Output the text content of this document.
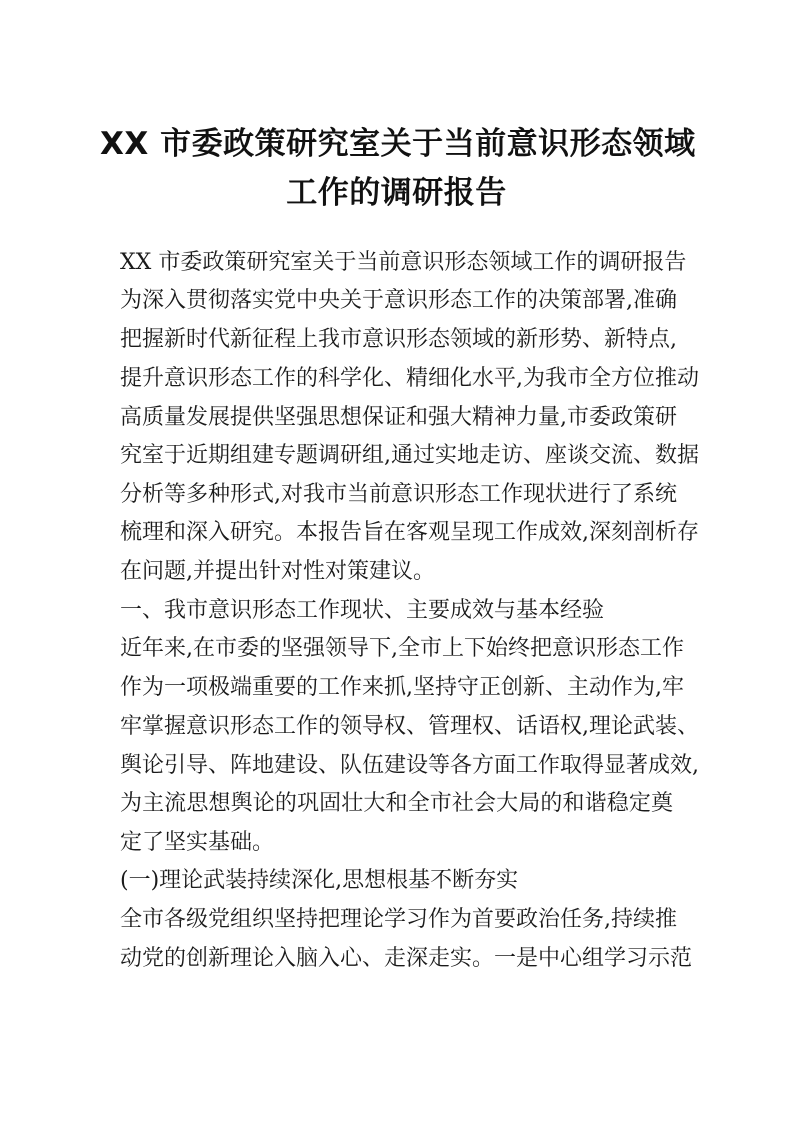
XX 市委政策研究室关于当前意识形态领域
工作的调研报告
XX 市委政策研究室关于当前意识形态领域工作的调研报告
为深入贯彻落实党中央关于意识形态工作的决策部署,准确
把握新时代新征程上我市意识形态领域的新形势、新特点,
提升意识形态工作的科学化、精细化水平,为我市全方位推动
高质量发展提供坚强思想保证和强大精神力量,市委政策研
究室于近期组建专题调研组,通过实地走访、座谈交流、数据
分析等多种形式,对我市当前意识形态工作现状进行了系统
梳理和深入研究。本报告旨在客观呈现工作成效,深刻剖析存
在问题,并提出针对性对策建议。
一、我市意识形态工作现状、主要成效与基本经验
近年来,在市委的坚强领导下,全市上下始终把意识形态工作
作为一项极端重要的工作来抓,坚持守正创新、主动作为,牢
牢掌握意识形态工作的领导权、管理权、话语权,理论武装、
舆论引导、阵地建设、队伍建设等各方面工作取得显著成效,
为主流思想舆论的巩固壮大和全市社会大局的和谐稳定奠
定了坚实基础。
(一)理论武装持续深化,思想根基不断夯实
全市各级党组织坚持把理论学习作为首要政治任务,持续推
动党的创新理论入脑入心、走深走实。一是中心组学习示范
